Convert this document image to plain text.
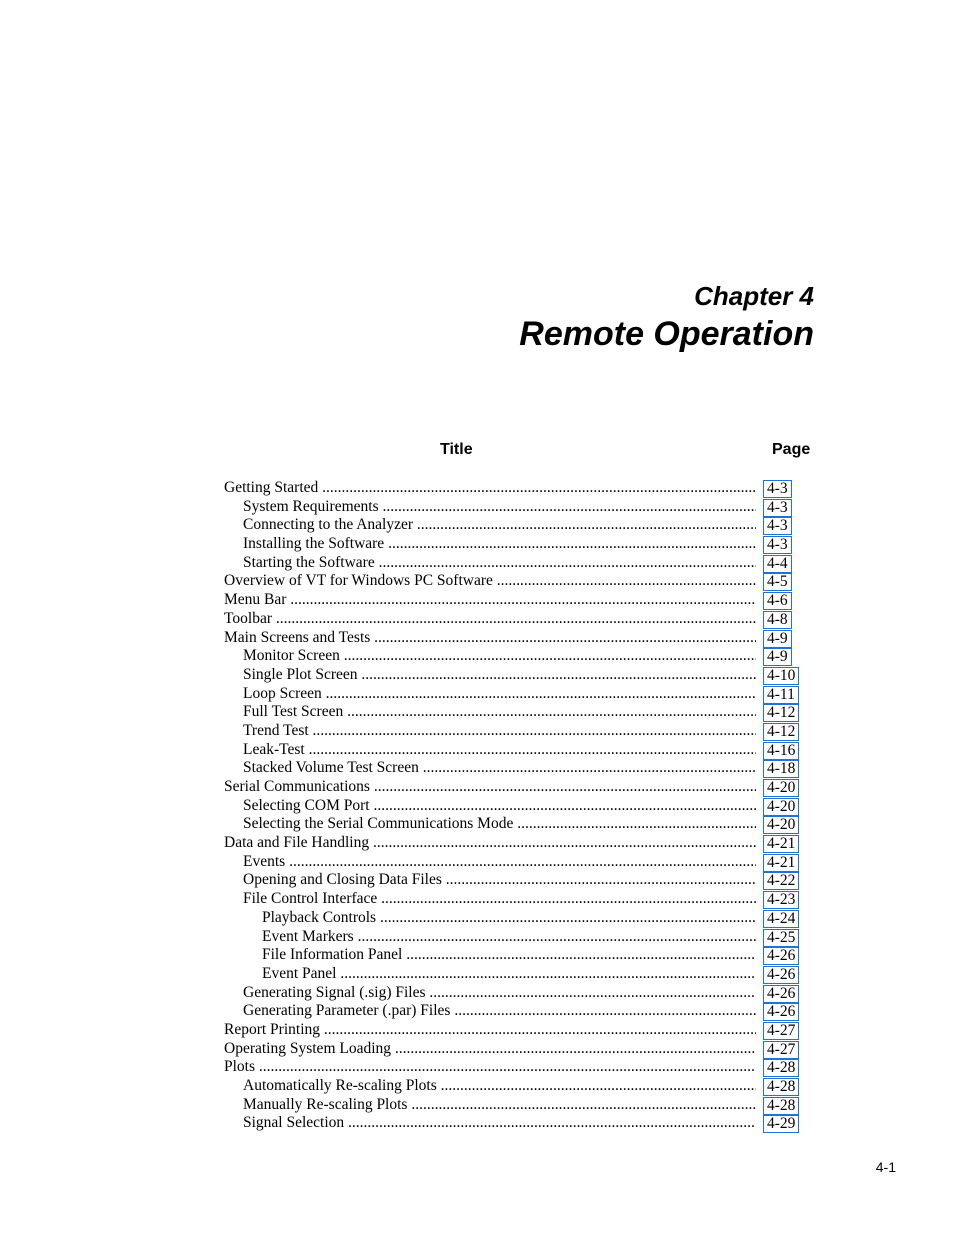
Chapter 4
Remote Operation
Title	Page
Getting Started .....	4-3
System Requirements .....	4-3
Connecting to the Analyzer .....	4-3
Installing the Software .....	4-3
Starting the Software .....	4-4
Overview of VT for Windows PC Software .....	4-5
Menu Bar .....	4-6
Toolbar .....	4-8
Main Screens and Tests .....	4-9
Monitor Screen .....	4-9
Single Plot Screen .....	4-10
Loop Screen .....	4-11
Full Test Screen .....	4-12
Trend Test .....	4-12
Leak-Test .....	4-16
Stacked Volume Test Screen .....	4-18
Serial Communications .....	4-20
Selecting COM Port .....	4-20
Selecting the Serial Communications Mode .....	4-20
Data and File Handling .....	4-21
Events .....	4-21
Opening and Closing Data Files .....	4-22
File Control Interface .....	4-23
Playback Controls .....	4-24
Event Markers .....	4-25
File Information Panel .....	4-26
Event Panel .....	4-26
Generating Signal (.sig) Files .....	4-26
Generating Parameter (.par) Files .....	4-26
Report Printing .....	4-27
Operating System Loading .....	4-27
Plots .....	4-28
Automatically Re-scaling Plots .....	4-28
Manually Re-scaling Plots .....	4-28
Signal Selection .....	4-29
4-1
